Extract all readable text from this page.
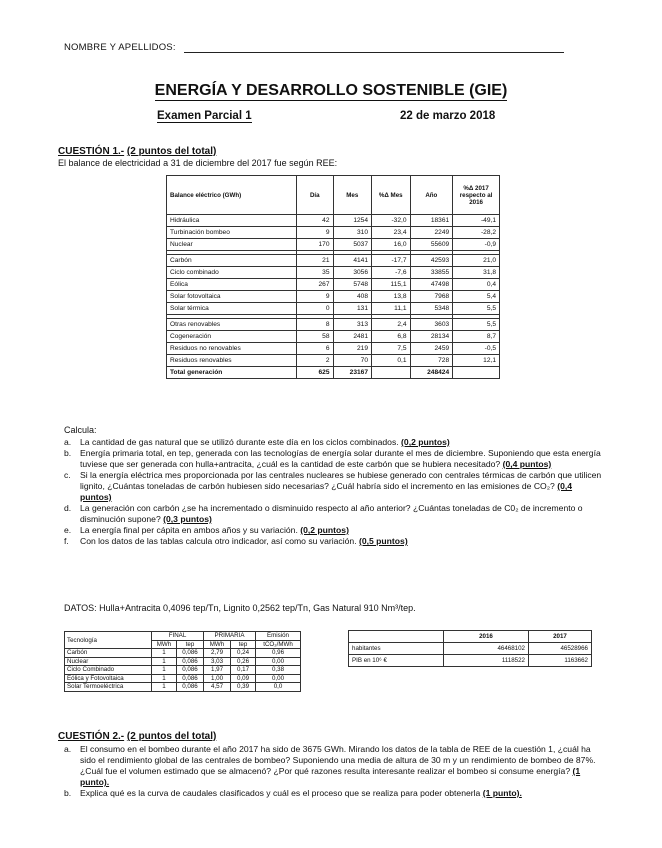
NOMBRE Y APELLIDOS:
ENERGÍA Y DESARROLLO SOSTENIBLE (GIE)
Examen Parcial 1	22 de marzo 2018
CUESTIÓN 1.- (2 puntos del total)
El balance de electricidad a 31 de diciembre del 2017 fue según REE:
Balance eléctrico (GWh)	Día	Mes	%Δ Mes	Año	%Δ 2017 respecto al 2016
Hidráulica	42	1254	-32,0	18361	-49,1
Turbinación bombeo	9	310	23,4	2249	-28,2
Nuclear	170	5037	16,0	55609	-0,9

Carbón	21	4141	-17,7	42593	21,0
Ciclo combinado	35	3056	-7,6	33855	31,8
Eólica	267	5748	115,1	47498	0,4
Solar fotovoltaica	9	408	13,8	7968	5,4
Solar térmica	0	131	11,1	5348	5,5

Otras renovables	8	313	2,4	3603	5,5
Cogeneración	58	2481	6,8	28134	8,7
Residuos no renovables	6	219	7,5	2459	-0,5
Residuos renovables	2	70	0,1	728	12,1
Total generación	625	23167		248424	
Calcula:
a. La cantidad de gas natural que se utilizó durante este día en los ciclos combinados. (0,2 puntos)
b. Energía primaria total, en tep, generada con las tecnologías de energía solar durante el mes de diciembre. Suponiendo que esta energía tuviese que ser generada con hulla+antracita, ¿cuál es la cantidad de este carbón que se hubiera necesitado? (0,4 puntos)
c. Si la energía eléctrica mes proporcionada por las centrales nucleares se hubiese generado con centrales térmicas de carbón que utilicen lignito, ¿Cuántas toneladas de carbón hubiesen sido necesarias? ¿Cuál habría sido el incremento en las emisiones de CO₂? (0,4 puntos)
d. La generación con carbón ¿se ha incrementado o disminuido respecto al año anterior? ¿Cuántas toneladas de C0₂ de incremento o disminución supone? (0,3 puntos)
e. La energía final per cápita en ambos años y su variación. (0,2 puntos)
f. Con los datos de las tablas calcula otro indicador, así como su variación. (0,5 puntos)
DATOS: Hulla+Antracita 0,4096 tep/Tn, Lignito 0,2562 tep/Tn, Gas Natural 910 Nm³/tep.
Tecnología	FINAL		PRIMARIA		Emisión
	MWh	tep	MWh	tep	tCO₂/MWh
Carbón	1	0,086	2,79	0,24	0,96
Nuclear	1	0,086	3,03	0,26	0,00
Ciclo Combinado	1	0,086	1,97	0,17	0,38
Eólica y Fotovoltaica	1	0,086	1,00	0,09	0,00
Solar Termoeléctrica	1	0,086	4,57	0,39	0,0
	2016	2017
habitantes	46468102	46528966
PIB en 10⁶ €	1118522	1163662
CUESTIÓN 2.- (2 puntos del total)
a. El consumo en el bombeo durante el año 2017 ha sido de 3675 GWh. Mirando los datos de la tabla de REE de la cuestión 1, ¿cuál ha sido el rendimiento global de las centrales de bombeo? Suponiendo una media de altura de 30 m y un rendimiento de bombeo de 87%. ¿Cuál fue el volumen estimado que se almacenó? ¿Por qué razones resulta interesante realizar el bombeo si consume energía? (1 punto).
b. Explica qué es la curva de caudales clasificados y cuál es el proceso que se realiza para poder obtenerla (1 punto).
